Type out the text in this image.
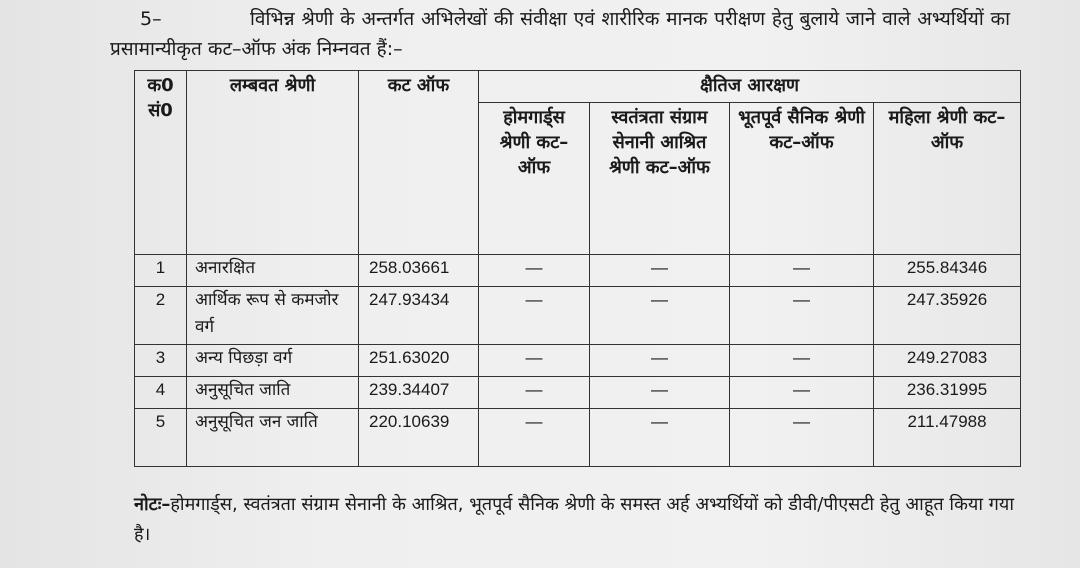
5–	विभिन्न श्रेणी के अन्तर्गत अभिलेखों की संवीक्षा एवं शारीरिक मानक परीक्षण हेतु बुलाये जाने वाले अभ्यर्थियों का प्रसामान्यीकृत कट–ऑफ अंक निम्नवत हैं:–
क0 सं0	लम्बवत श्रेणी	कट ऑफ	क्षैतिज आरक्षण			
			होमगार्ड्स श्रेणी कट–ऑफ	स्वतंत्रता संग्राम सेनानी आश्रित श्रेणी कट–ऑफ	भूतपूर्व सैनिक श्रेणी कट–ऑफ	महिला श्रेणी कट–ऑफ
1	अनारक्षित	258.03661	—	—	—	255.84346
2	आर्थिक रूप से कमजोर वर्ग	247.93434	—	—	—	247.35926
3	अन्य पिछड़ा वर्ग	251.63020	—	—	—	249.27083
4	अनुसूचित जाति	239.34407	—	—	—	236.31995
5	अनुसूचित जन जाति	220.10639	—	—	—	211.47988
नोटः–होमगार्ड्स, स्वतंत्रता संग्राम सेनानी के आश्रित, भूतपूर्व सैनिक श्रेणी के समस्त अर्ह अभ्यर्थियों को डीवी/पीएसटी हेतु आहूत किया गया है।
